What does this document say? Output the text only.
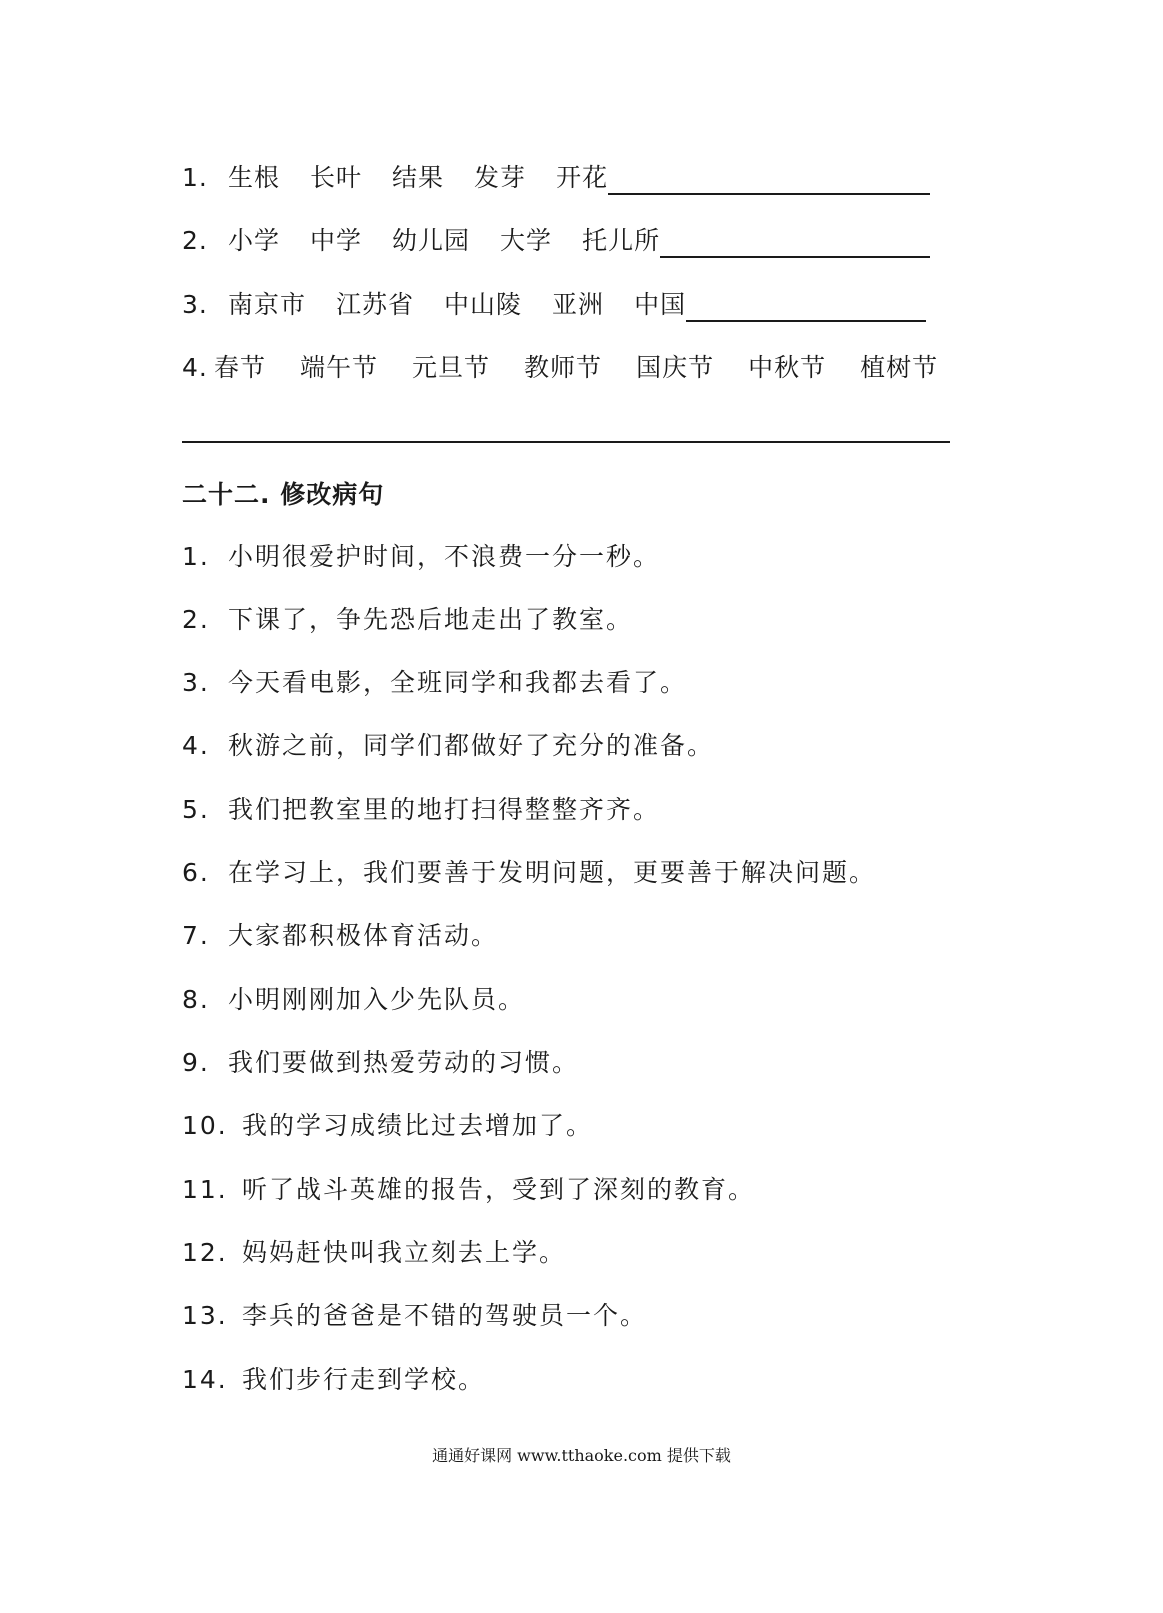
1. 生根 长叶 结果 发芽 开花
2. 小学 中学 幼儿园 大学 托儿所
3. 南京市 江苏省 中山陵 亚洲 中国
4. 春节 端午节 元旦节 教师节 国庆节 中秋节 植树节
二十二. 修改病句
1. 小明很爱护时间，不浪费一分一秒。
2. 下课了，争先恐后地走出了教室。
3. 今天看电影，全班同学和我都去看了。
4. 秋游之前，同学们都做好了充分的准备。
5. 我们把教室里的地打扫得整整齐齐。
6. 在学习上，我们要善于发明问题，更要善于解决问题。
7. 大家都积极体育活动。
8. 小明刚刚加入少先队员。
9. 我们要做到热爱劳动的习惯。
10. 我的学习成绩比过去增加了。
11. 听了战斗英雄的报告，受到了深刻的教育。
12. 妈妈赶快叫我立刻去上学。
13. 李兵的爸爸是不错的驾驶员一个。
14. 我们步行走到学校。
通通好课网 www.tthaoke.com 提供下载
